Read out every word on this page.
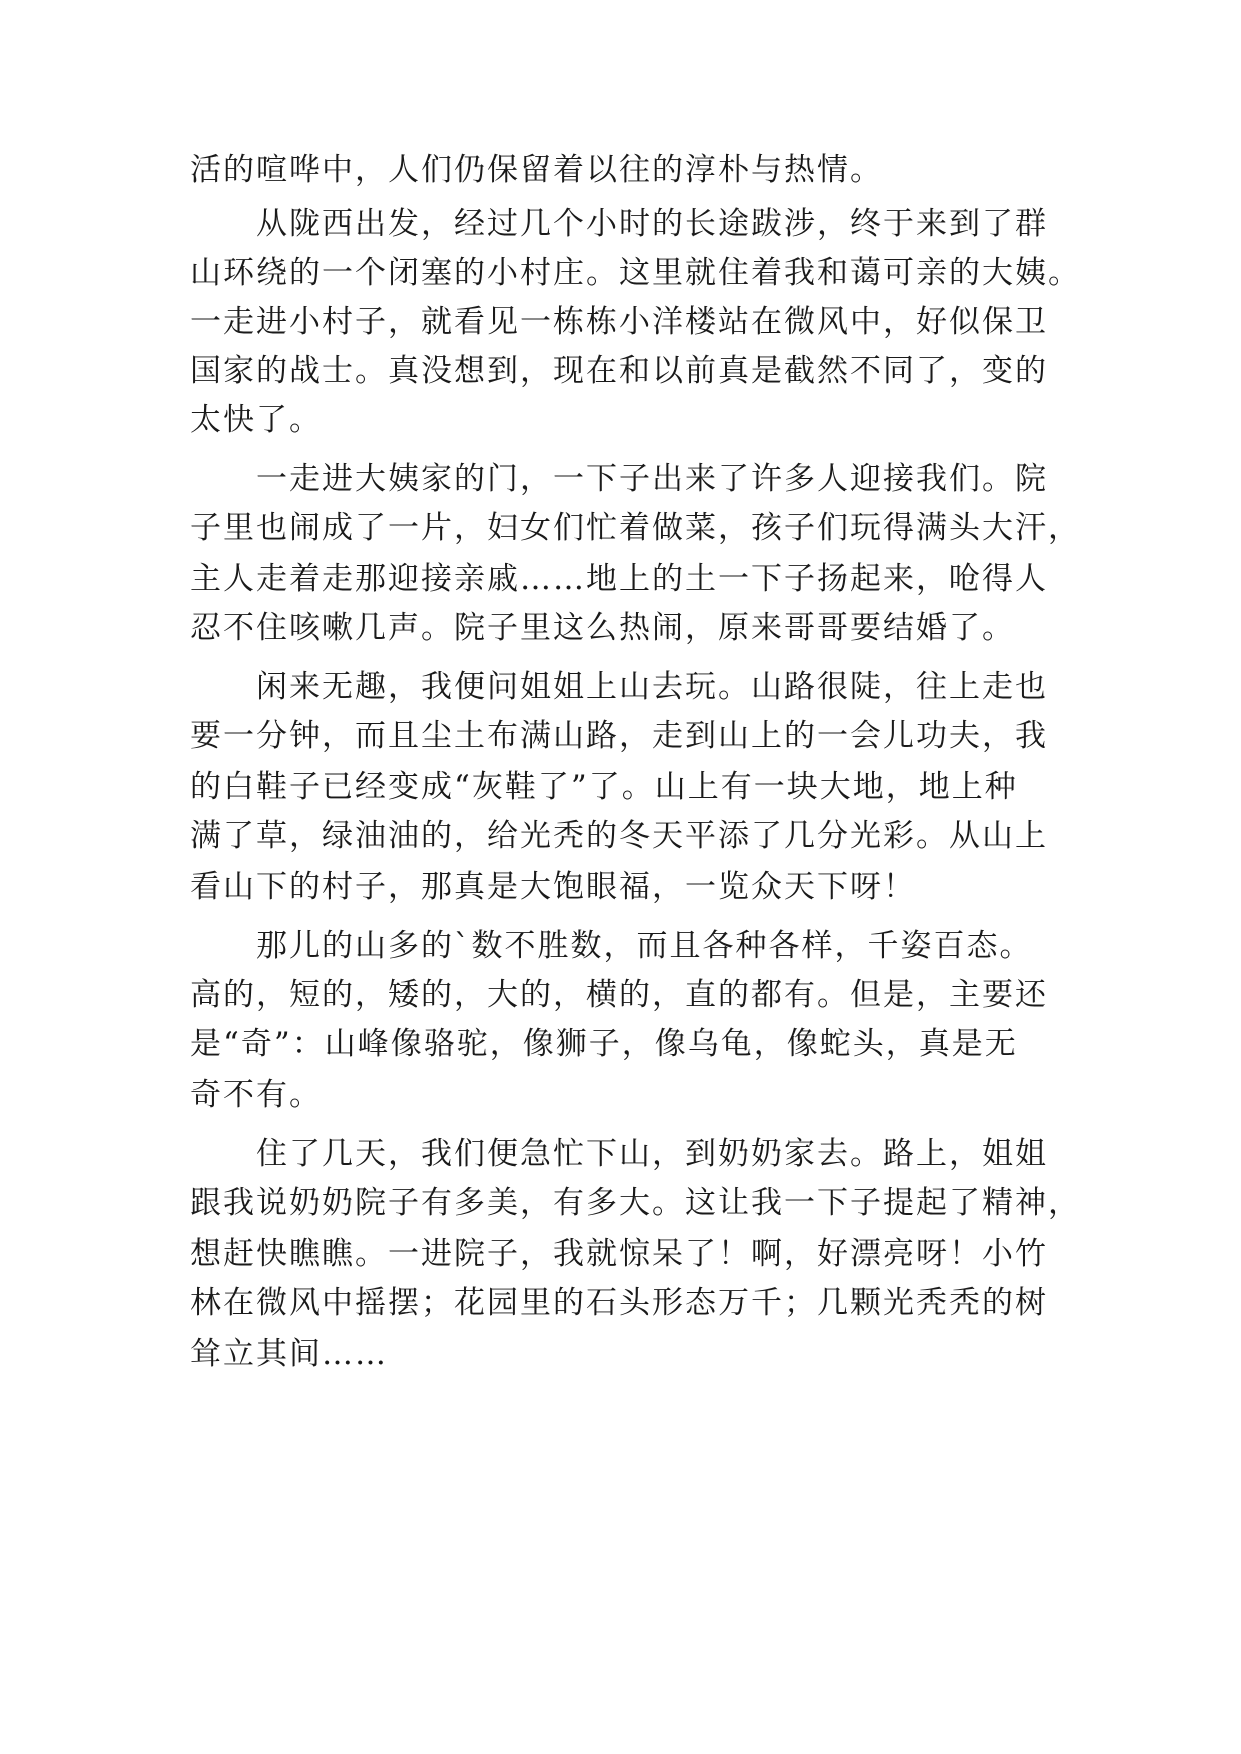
活的喧哗中，人们仍保留着以往的淳朴与热情。
从陇西出发，经过几个小时的长途跋涉，终于来到了群
山环绕的一个闭塞的小村庄。这里就住着我和蔼可亲的大姨。
一走进小村子，就看见一栋栋小洋楼站在微风中，好似保卫
国家的战士。真没想到，现在和以前真是截然不同了，变的
太快了。
一走进大姨家的门，一下子出来了许多人迎接我们。院
子里也闹成了一片，妇女们忙着做菜，孩子们玩得满头大汗，
主人走着走那迎接亲戚……地上的土一下子扬起来，呛得人
忍不住咳嗽几声。院子里这么热闹，原来哥哥要结婚了。
闲来无趣，我便问姐姐上山去玩。山路很陡，往上走也
要一分钟，而且尘土布满山路，走到山上的一会儿功夫，我
的白鞋子已经变成“灰鞋了”了。山上有一块大地，地上种
满了草，绿油油的，给光秃的冬天平添了几分光彩。从山上
看山下的村子，那真是大饱眼福，一览众天下呀！
那儿的山多的`数不胜数，而且各种各样，千姿百态。
高的，短的，矮的，大的，横的，直的都有。但是，主要还
是“奇”：山峰像骆驼，像狮子，像乌龟，像蛇头，真是无
奇不有。
住了几天，我们便急忙下山，到奶奶家去。路上，姐姐
跟我说奶奶院子有多美，有多大。这让我一下子提起了精神，
想赶快瞧瞧。一进院子，我就惊呆了！啊，好漂亮呀！小竹
林在微风中摇摆；花园里的石头形态万千；几颗光秃秃的树
耸立其间……
